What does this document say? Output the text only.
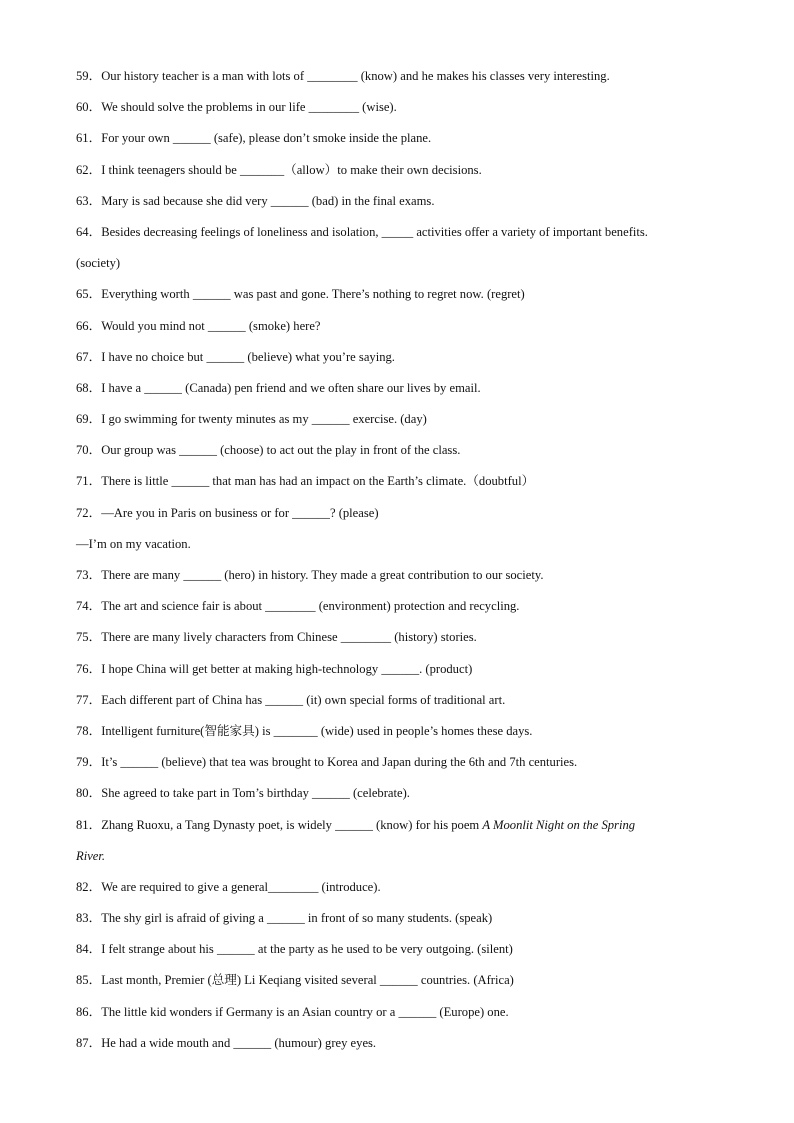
59．Our history teacher is a man with lots of ________ (know) and he makes his classes very interesting.
60．We should solve the problems in our life ________ (wise).
61．For your own ______ (safe), please don’t smoke inside the plane.
62．I think teenagers should be _______（allow）to make their own decisions.
63．Mary is sad because she did very ______ (bad) in the final exams.
64．Besides decreasing feelings of loneliness and isolation, _____ activities offer a variety of important benefits.
(society)
65．Everything worth ______ was past and gone. There’s nothing to regret now. (regret)
66．Would you mind not ______ (smoke) here?
67．I have no choice but ______ (believe) what you’re saying.
68．I have a ______ (Canada) pen friend and we often share our lives by email.
69．I go swimming for twenty minutes as my ______ exercise. (day)
70．Our group was ______ (choose) to act out the play in front of the class.
71．There is little ______ that man has had an impact on the Earth’s climate.（doubtful）
72．—Are you in Paris on business or for ______? (please)
—I’m on my vacation.
73．There are many ______ (hero) in history. They made a great contribution to our society.
74．The art and science fair is about ________ (environment) protection and recycling.
75．There are many lively characters from Chinese ________ (history) stories.
76．I hope China will get better at making high-technology ______. (product)
77．Each different part of China has ______ (it) own special forms of traditional art.
78．Intelligent furniture(智能家具) is _______ (wide) used in people’s homes these days.
79．It’s ______ (believe) that tea was brought to Korea and Japan during the 6th and 7th centuries.
80．She agreed to take part in Tom’s birthday ______ (celebrate).
81．Zhang Ruoxu, a Tang Dynasty poet, is widely ______ (know) for his poem A Moonlit Night on the Spring
River.
82．We are required to give a general________ (introduce).
83．The shy girl is afraid of giving a ______ in front of so many students. (speak)
84．I felt strange about his ______ at the party as he used to be very outgoing. (silent)
85．Last month, Premier (总理) Li Keqiang visited several ______ countries. (Africa)
86．The little kid wonders if Germany is an Asian country or a ______ (Europe) one.
87．He had a wide mouth and ______ (humour) grey eyes.
